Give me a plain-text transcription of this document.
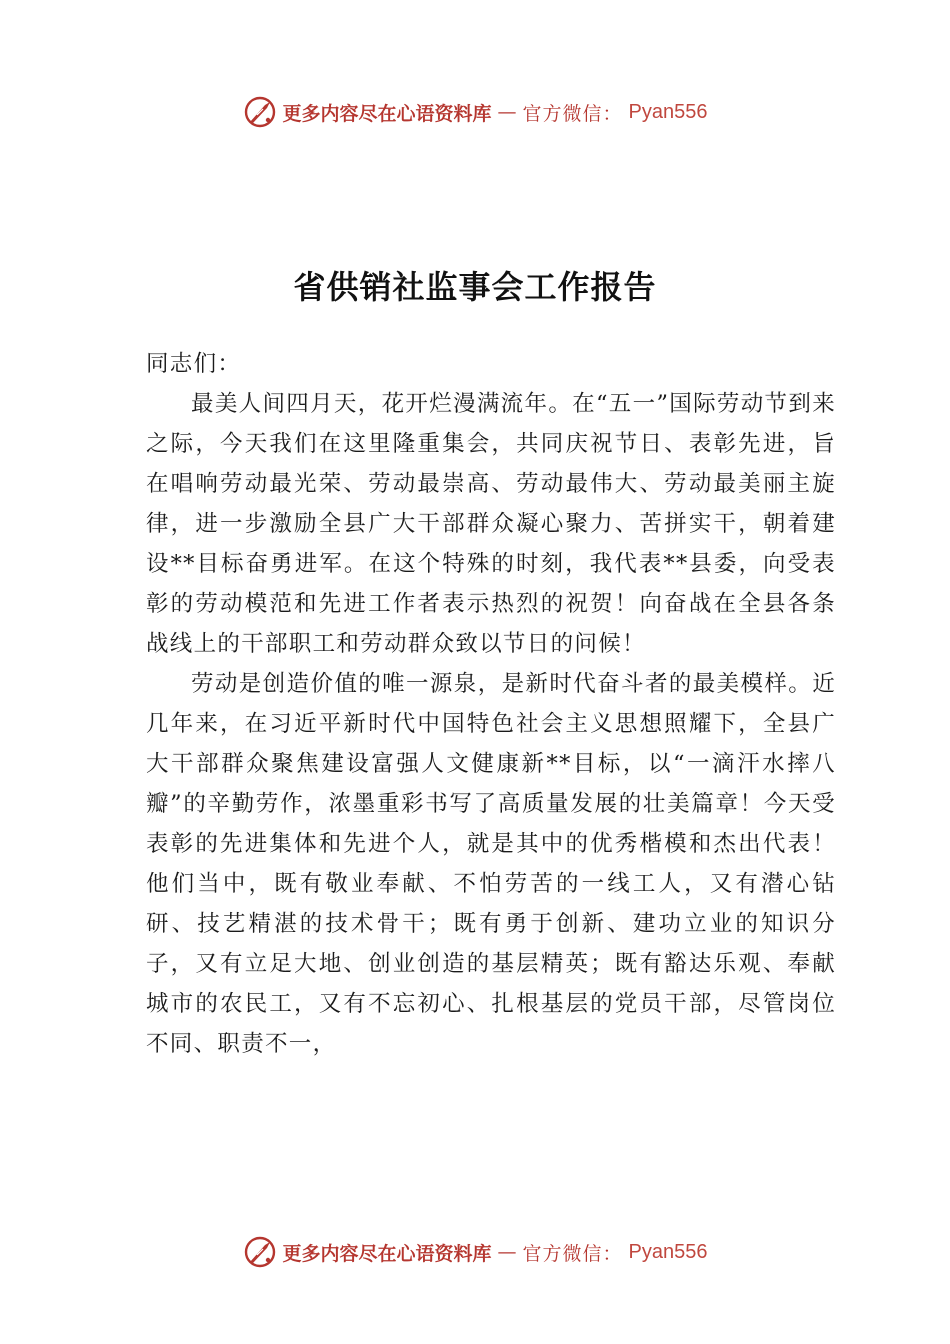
更多内容尽在心语资料库 — 官方微信： Pyan556
省供销社监事会工作报告

同志们：

最美人间四月天，花开烂漫满流年。在“五一”国际劳动节到来之际，今天我们在这里隆重集会，共同庆祝节日、表彰先进，旨在唱响劳动最光荣、劳动最崇高、劳动最伟大、劳动最美丽主旋律，进一步激励全县广大干部群众凝心聚力、苦拼实干，朝着建设**目标奋勇进军。在这个特殊的时刻，我代表**县委，向受表彰的劳动模范和先进工作者表示热烈的祝贺！向奋战在全县各条战线上的干部职工和劳动群众致以节日的问候！

劳动是创造价值的唯一源泉，是新时代奋斗者的最美模样。近几年来，在习近平新时代中国特色社会主义思想照耀下，全县广大干部群众聚焦建设富强人文健康新**目标，以“一滴汗水摔八瓣”的辛勤劳作，浓墨重彩书写了高质量发展的壮美篇章！今天受表彰的先进集体和先进个人，就是其中的优秀楷模和杰出代表！他们当中，既有敬业奉献、不怕劳苦的一线工人，又有潜心钻研、技艺精湛的技术骨干；既有勇于创新、建功立业的知识分子，又有立足大地、创业创造的基层精英；既有豁达乐观、奉献城市的农民工，又有不忘初心、扎根基层的党员干部，尽管岗位不同、职责不一，

更多内容尽在心语资料库 — 官方微信： Pyan556
